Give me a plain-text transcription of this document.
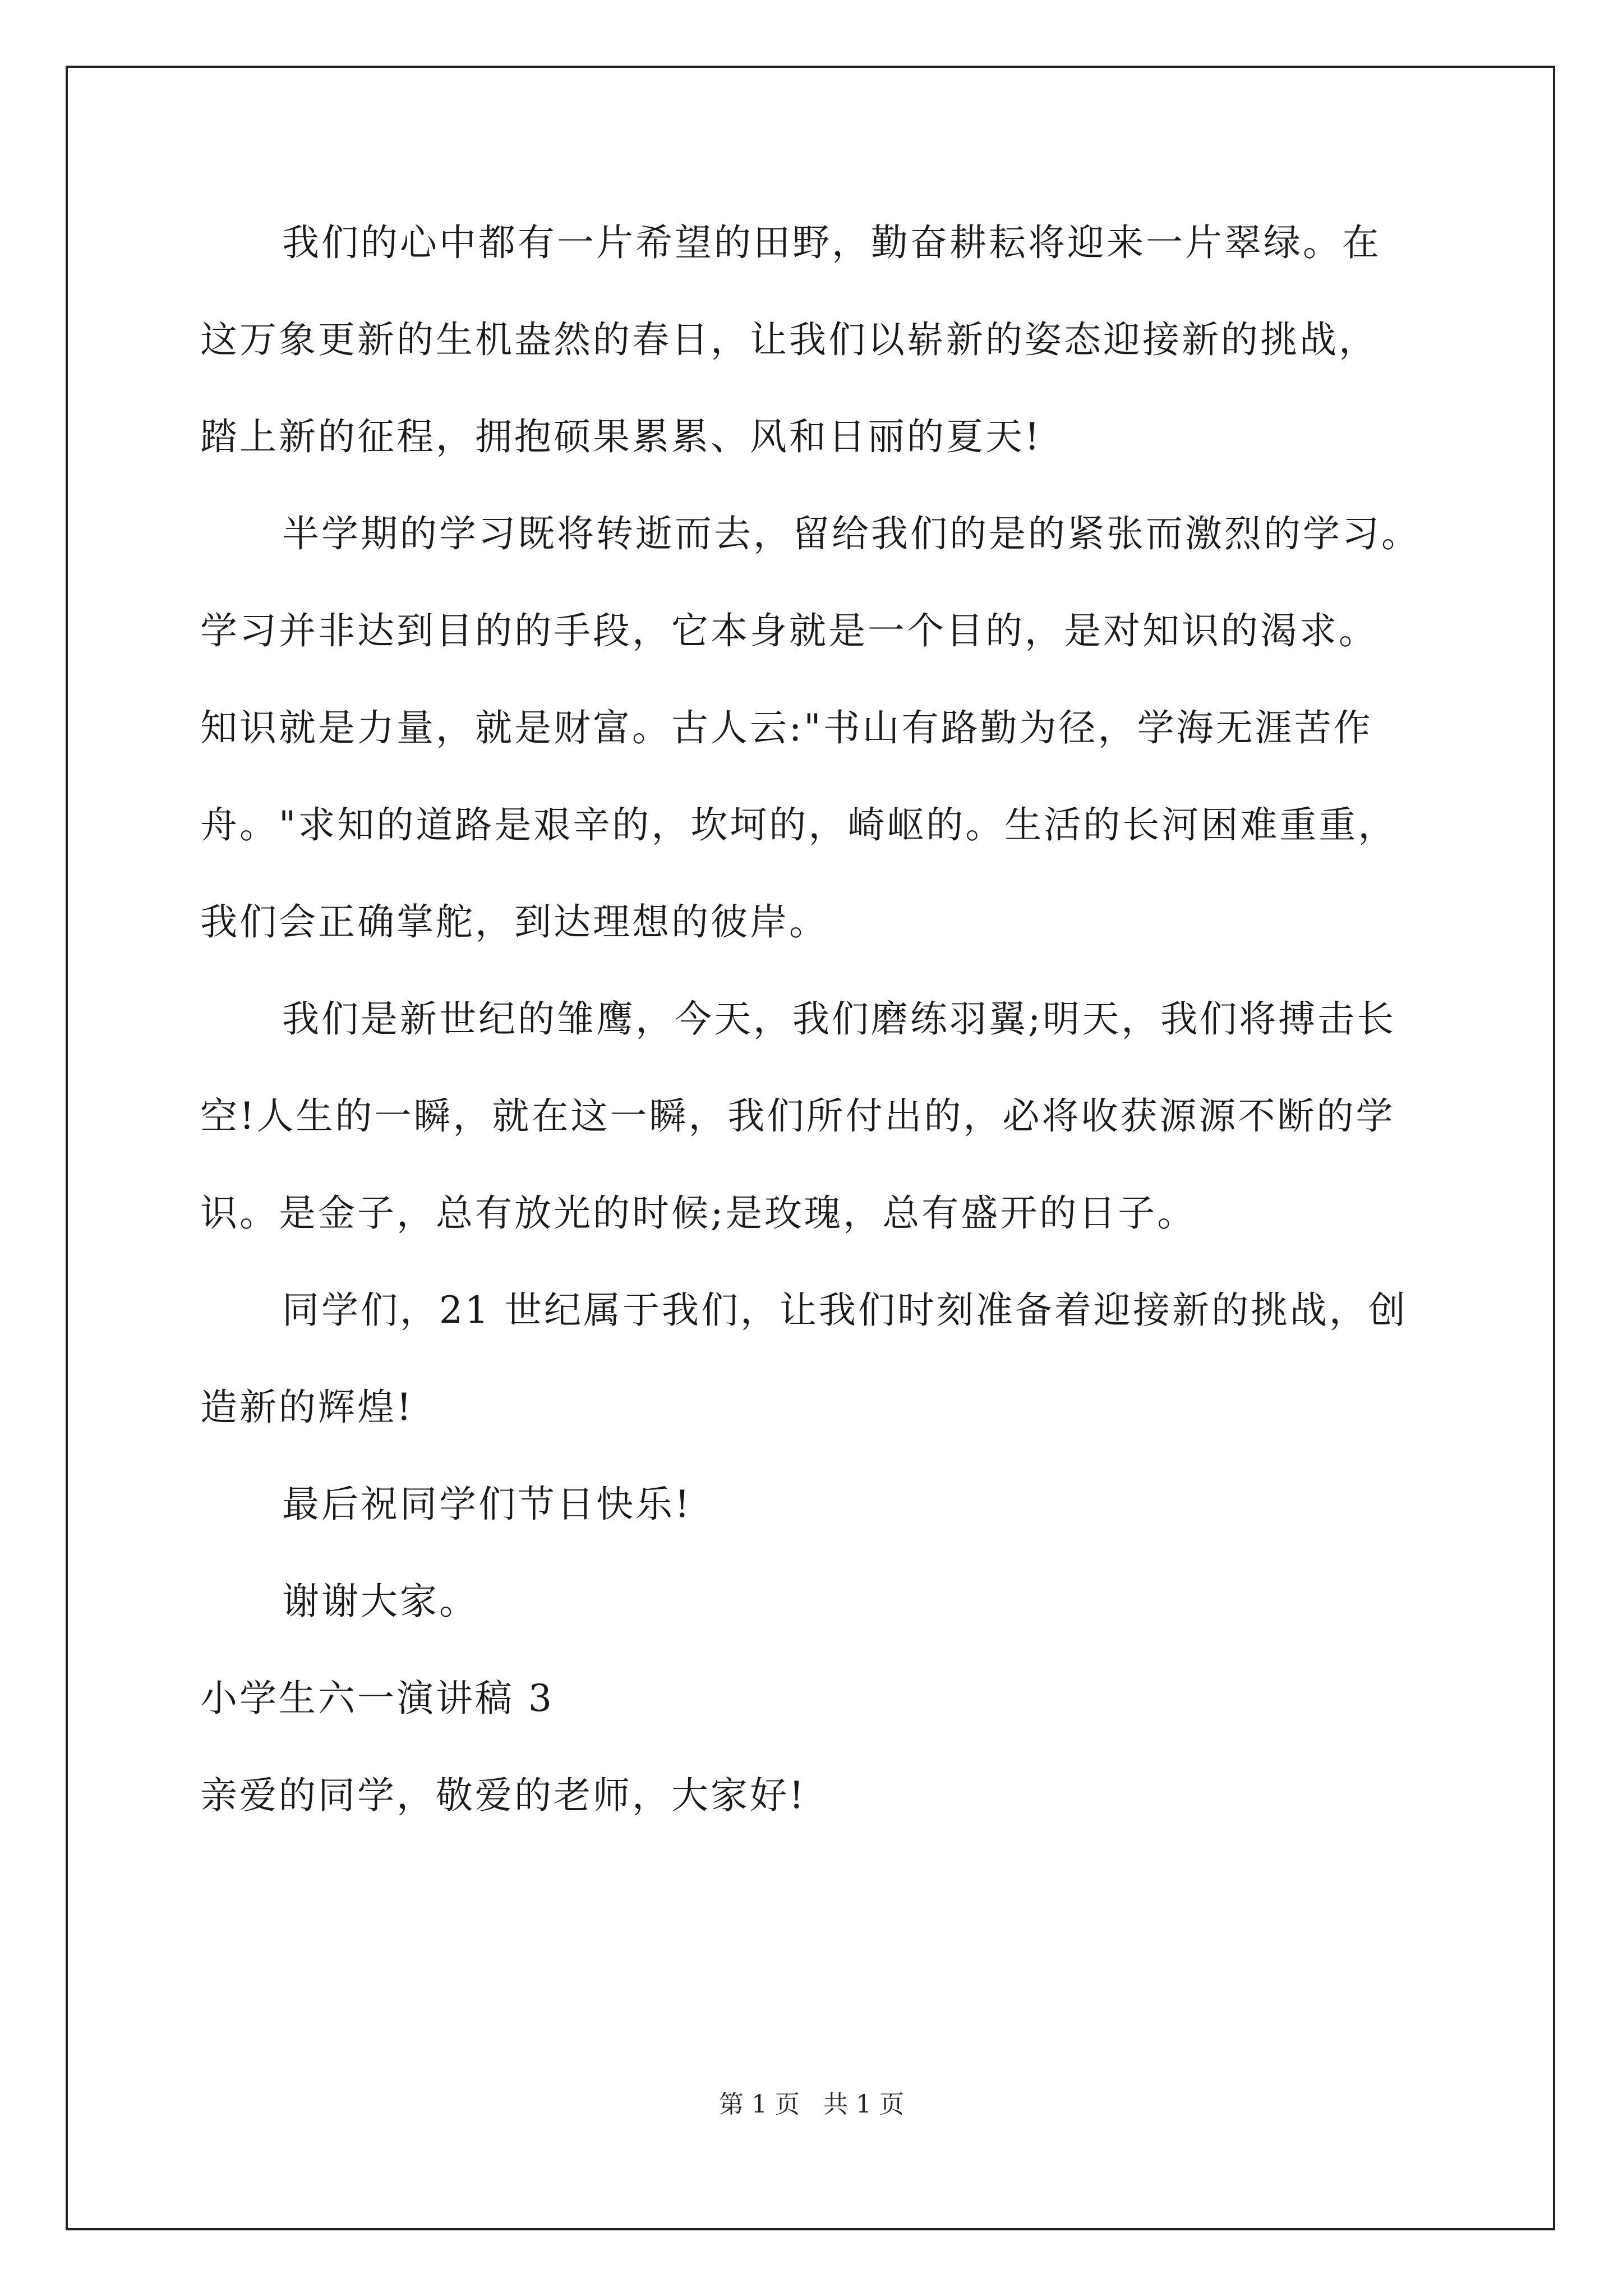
我们的心中都有一片希望的田野，勤奋耕耘将迎来一片翠绿。在
这万象更新的生机盎然的春日，让我们以崭新的姿态迎接新的挑战，
踏上新的征程，拥抱硕果累累、风和日丽的夏天!
半学期的学习既将转逝而去，留给我们的是的紧张而激烈的学习。
学习并非达到目的的手段，它本身就是一个目的，是对知识的渴求。
知识就是力量，就是财富。古人云:"书山有路勤为径，学海无涯苦作
舟。"求知的道路是艰辛的，坎坷的，崎岖的。生活的长河困难重重，
我们会正确掌舵，到达理想的彼岸。
我们是新世纪的雏鹰，今天，我们磨练羽翼;明天，我们将搏击长
空!人生的一瞬，就在这一瞬，我们所付出的，必将收获源源不断的学
识。是金子，总有放光的时候;是玫瑰，总有盛开的日子。
同学们，21 世纪属于我们，让我们时刻准备着迎接新的挑战，创
造新的辉煌!
最后祝同学们节日快乐!
谢谢大家。
小学生六一演讲稿 3
亲爱的同学，敬爱的老师，大家好!
第 1 页 共 1 页
